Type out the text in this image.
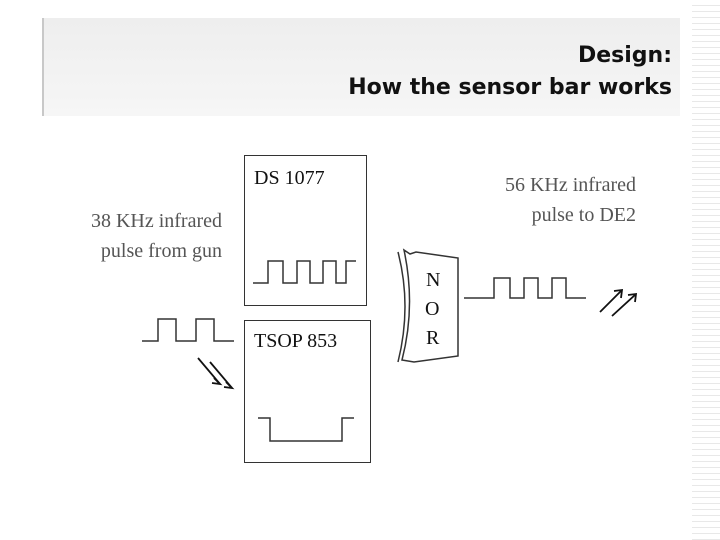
Design:
How the sensor bar works
38 KHz infrared
pulse from gun
56 KHz infrared
pulse to DE2
DS 1077
TSOP 853
N
O
R
